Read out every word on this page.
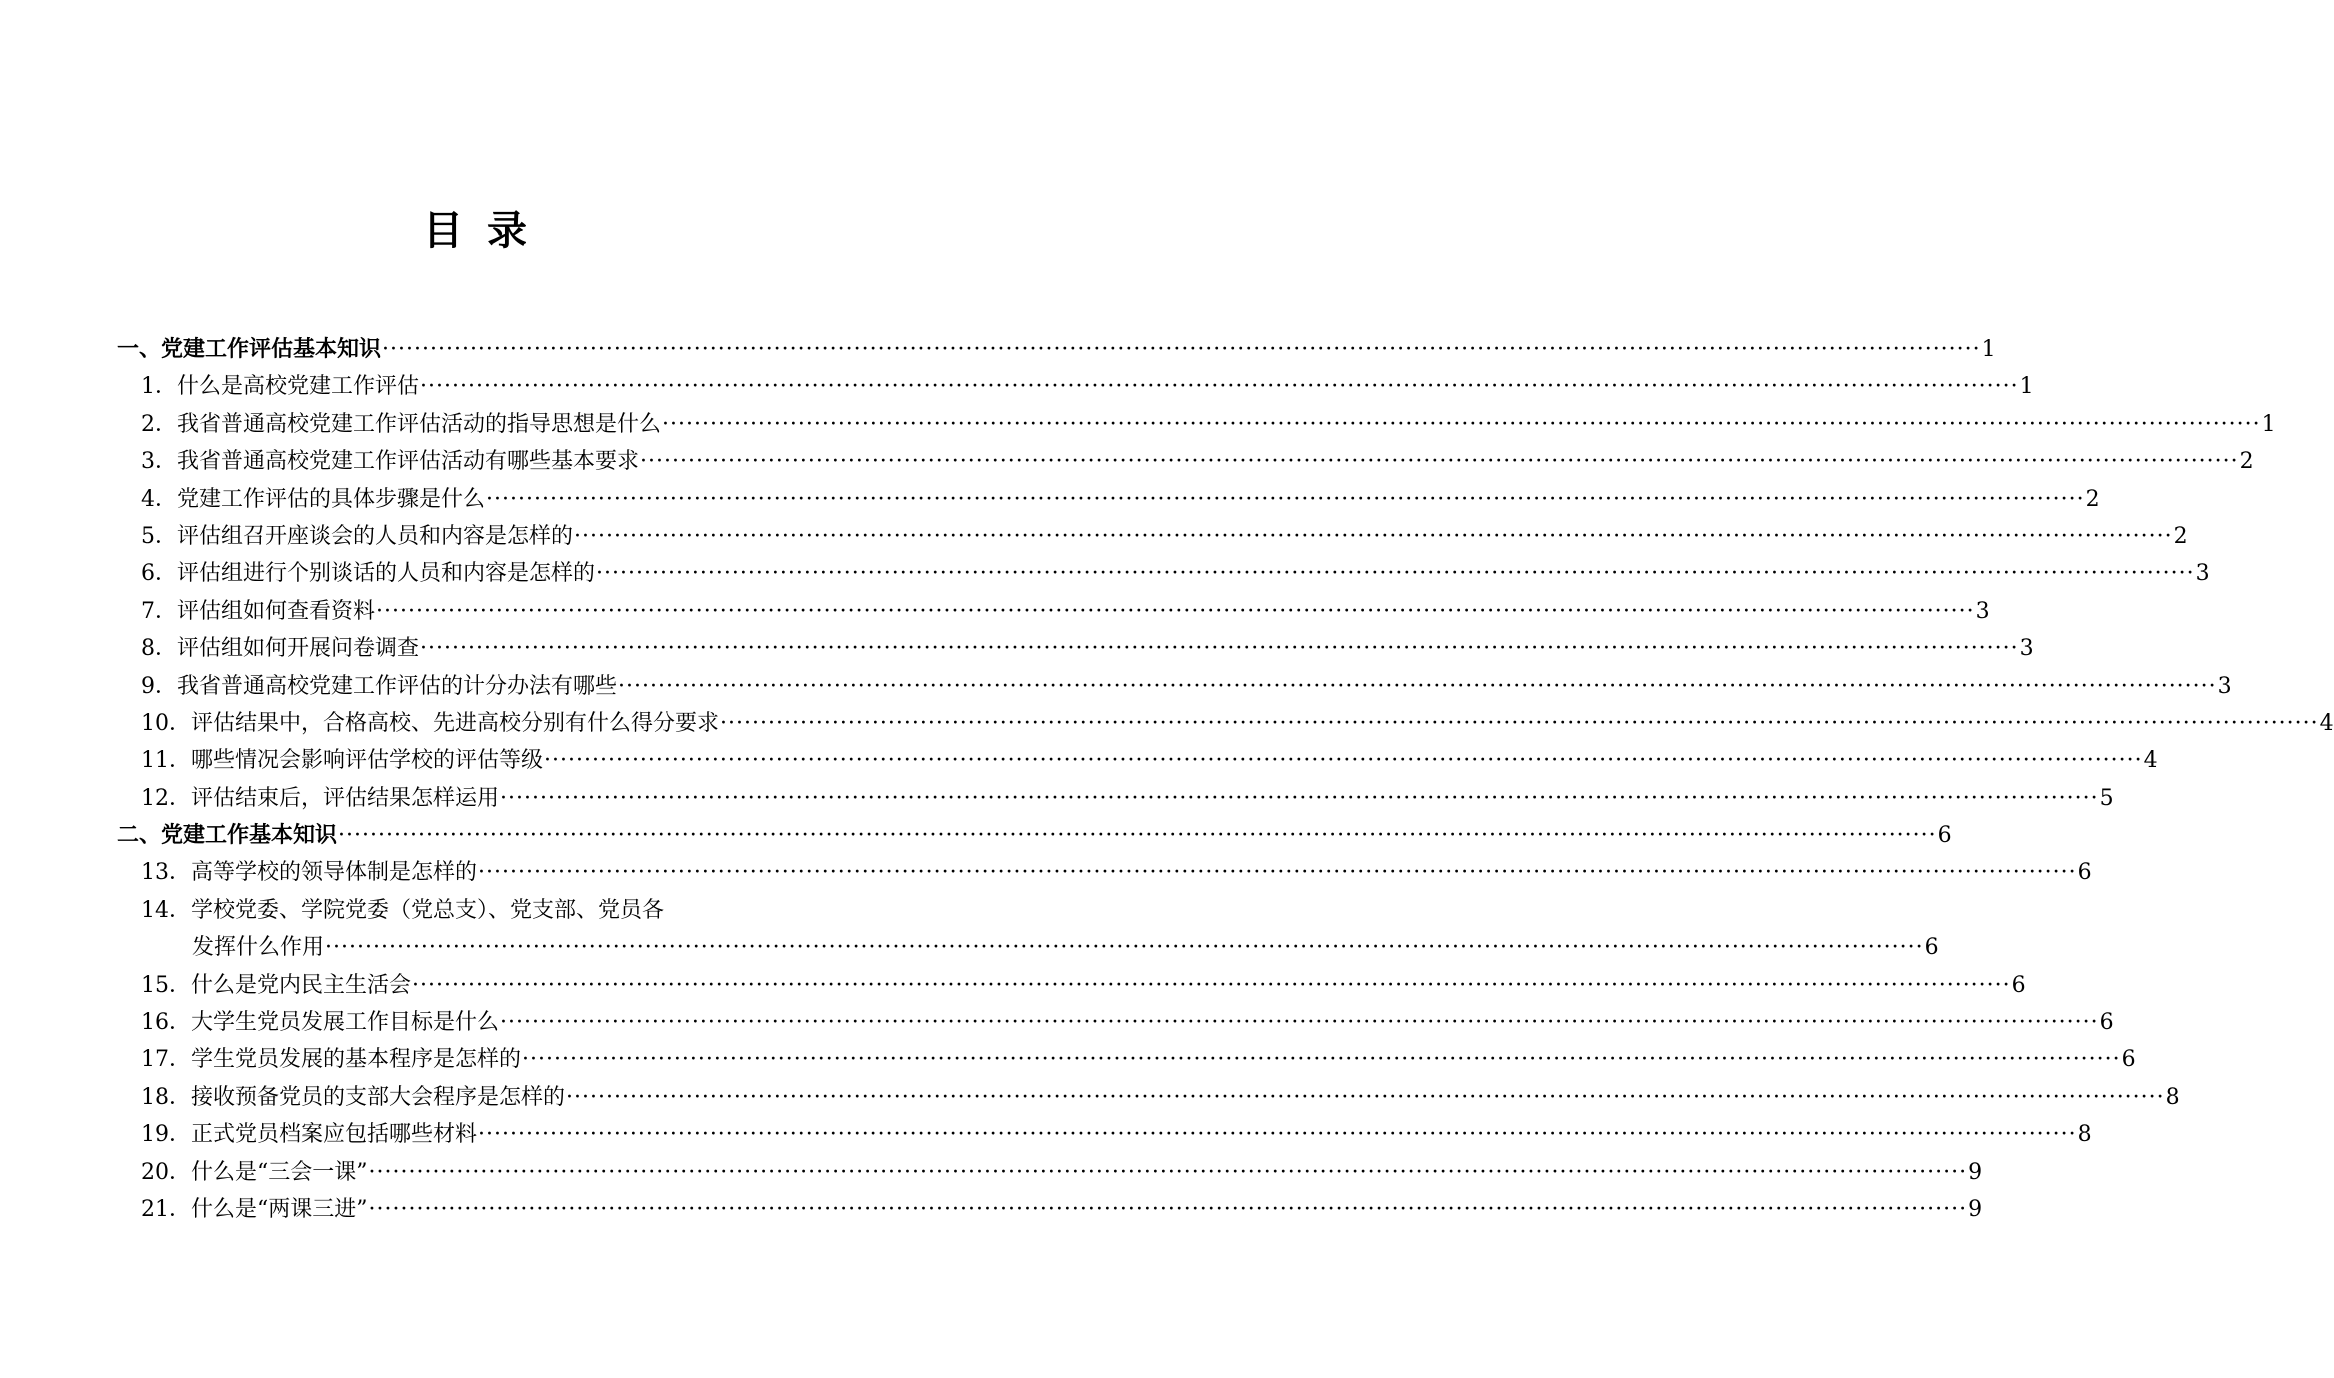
目录
一、党建工作评估基本知识 ········································································································································································································ 1
1． 什么是高校党建工作评估 ········································································································································································································ 1
2． 我省普通高校党建工作评估活动的指导思想是什么 ········································································································································································································ 1
3． 我省普通高校党建工作评估活动有哪些基本要求 ········································································································································································································ 2
4． 党建工作评估的具体步骤是什么 ········································································································································································································ 2
5． 评估组召开座谈会的人员和内容是怎样的 ········································································································································································································ 2
6． 评估组进行个别谈话的人员和内容是怎样的 ········································································································································································································ 3
7． 评估组如何查看资料 ········································································································································································································ 3
8． 评估组如何开展问卷调查 ········································································································································································································ 3
9． 我省普通高校党建工作评估的计分办法有哪些 ········································································································································································································ 3
10． 评估结果中，合格高校、先进高校分别有什么得分要求 ········································································································································································································ 4
11． 哪些情况会影响评估学校的评估等级 ········································································································································································································ 4
12． 评估结束后，评估结果怎样运用 ········································································································································································································ 5
二、党建工作基本知识 ········································································································································································································ 6
13． 高等学校的领导体制是怎样的 ········································································································································································································ 6
14． 学校党委、学院党委（党总支）、党支部、党员各
发挥什么作用 ········································································································································································································ 6
15． 什么是党内民主生活会 ········································································································································································································ 6
16． 大学生党员发展工作目标是什么 ········································································································································································································ 6
17． 学生党员发展的基本程序是怎样的 ········································································································································································································ 6
18． 接收预备党员的支部大会程序是怎样的 ········································································································································································································ 8
19． 正式党员档案应包括哪些材料 ········································································································································································································ 8
20． 什么是“三会一课” ········································································································································································································ 9
21． 什么是“两课三进” ········································································································································································································ 9
